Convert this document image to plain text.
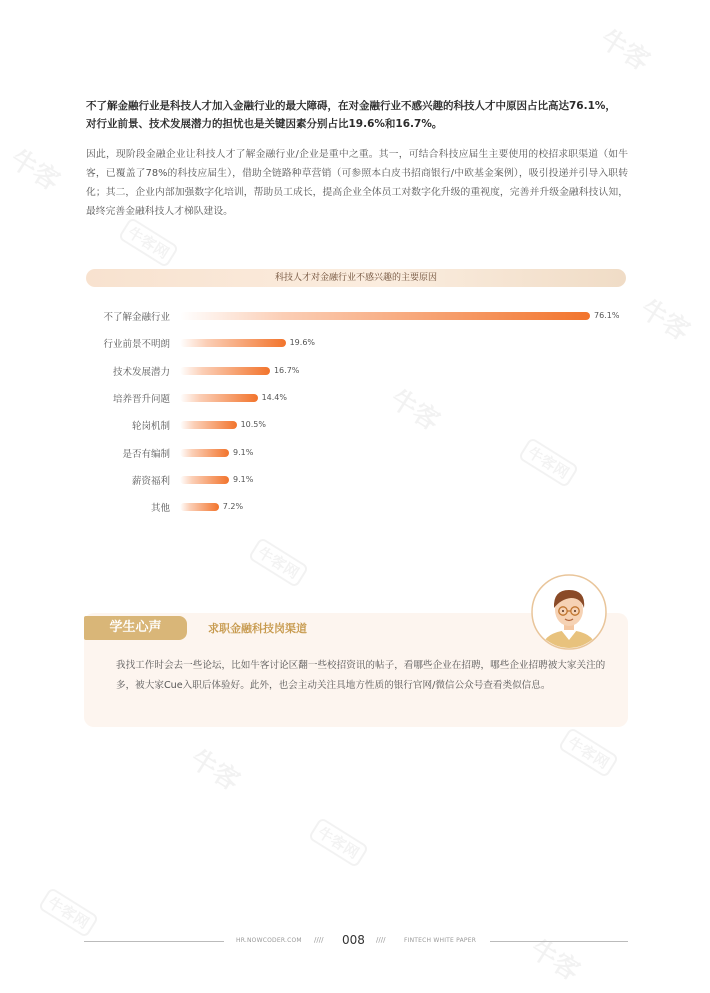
牛客
牛客
牛客网
牛客
牛客网
牛客
牛客网
牛客	牛客网
牛客网
牛客网
牛客
不了解金融行业是科技人才加入金融行业的最大障碍，在对金融行业不感兴趣的科技人才中原因占比高达76.1%，对行业前景、技术发展潜力的担忧也是关键因素分别占比19.6%和16.7%。
因此，现阶段金融企业让科技人才了解金融行业/企业是重中之重。其一，可结合科技应届生主要使用的校招求职渠道（如牛客，已覆盖了78%的科技应届生），借助全链路种草营销（可参照本白皮书招商银行/中欧基金案例），吸引投递并引导入职转化；其二，企业内部加强数字化培训，帮助员工成长，提高企业全体员工对数字化升级的重视度，完善并升级金融科技认知，最终完善金融科技人才梯队建设。
科技人才对金融行业不感兴趣的主要原因
不了解金融行业	76.1%
行业前景不明朗	19.6%
技术发展潜力	16.7%
培养晋升问题	14.4%
轮岗机制	10.5%
是否有编制	9.1%
薪资福利	9.1%
其他	7.2%
学生心声	求职金融科技岗渠道
我找工作时会去一些论坛，比如牛客讨论区翻一些校招资讯的帖子，看哪些企业在招聘，哪些企业招聘被大家关注的多，被大家Cue入职后体验好。此外，也会主动关注具地方性质的银行官网/微信公众号查看类似信息。
HR.NOWCODER.COM //// 008 ////	FINTECH WHITE PAPER
